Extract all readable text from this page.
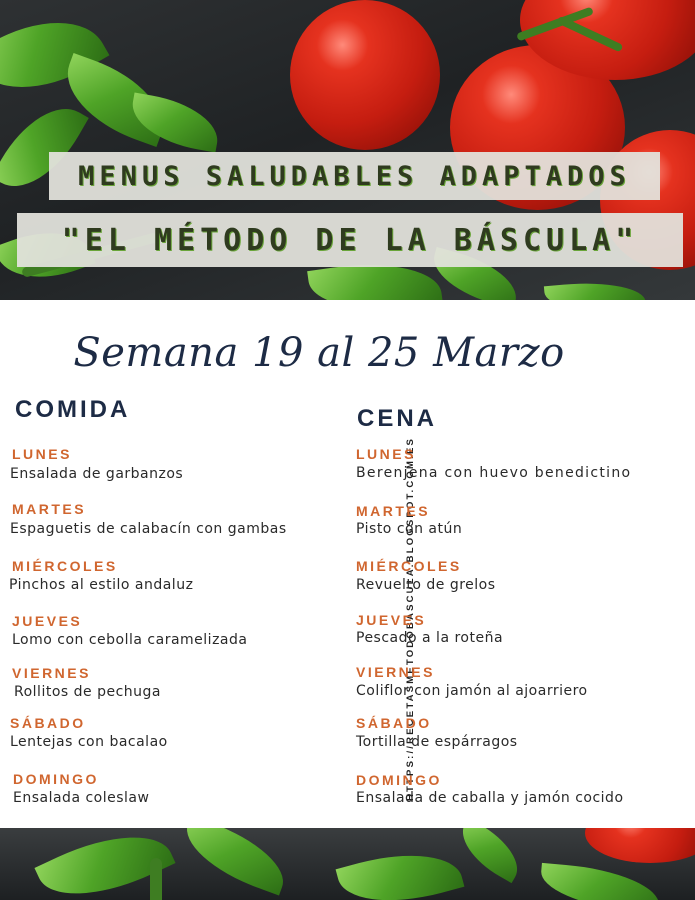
MENUS SALUDABLES ADAPTADOS
"EL MÉTODO DE LA BÁSCULA"
Semana 19 al 25 Marzo
COMIDA	CENA
LUNES
Ensalada de garbanzos
MARTES
Espaguetis de calabacín con gambas
MIÉRCOLES
Pinchos al estilo andaluz
JUEVES
Lomo con cebolla caramelizada
VIERNES
Rollitos de pechuga
SÁBADO
Lentejas con bacalao
DOMINGO
Ensalada coleslaw	HTTPS://RECETASMETODOBASCULA.BLOGSPOT.COM.ES
LUNES
Berenjena con huevo benedictino
MARTES
Pisto con atún
MIÉRCOLES
Revuelto de grelos
JUEVES
Pescado a la roteña
VIERNES
Coliflor con jamón al ajoarriero
SÁBADO
Tortilla de espárragos
DOMINGO
Ensalada de caballa y jamón cocido
